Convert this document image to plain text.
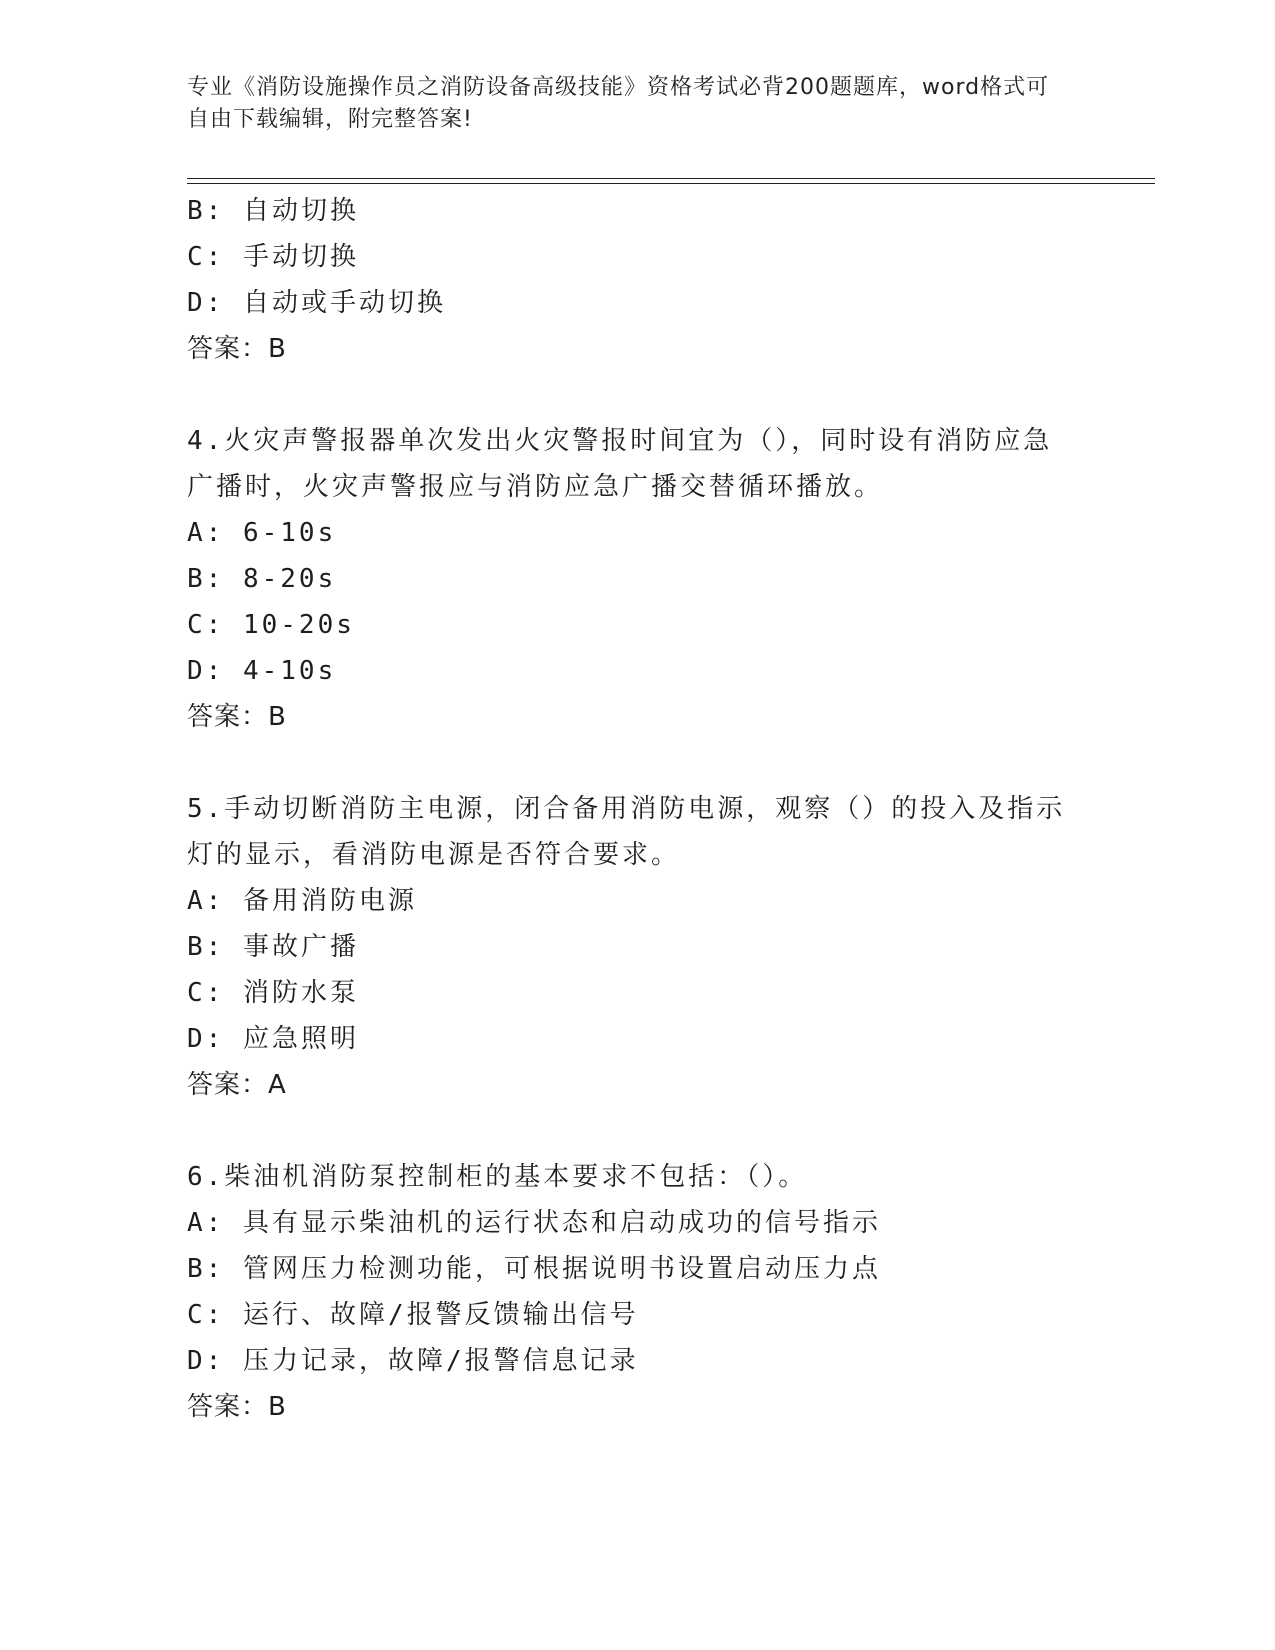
专业《消防设施操作员之消防设备高级技能》资格考试必背200题题库，word格式可自由下载编辑，附完整答案!
B: 自动切换
C: 手动切换
D: 自动或手动切换
答案：B
4.火灾声警报器单次发出火灾警报时间宜为（），同时设有消防应急广播时，火灾声警报应与消防应急广播交替循环播放。
A: 6-10s
B: 8-20s
C: 10-20s
D: 4-10s
答案：B
5.手动切断消防主电源，闭合备用消防电源，观察（）的投入及指示灯的显示，看消防电源是否符合要求。
A: 备用消防电源
B: 事故广播
C: 消防水泵
D: 应急照明
答案：A
6.柴油机消防泵控制柜的基本要求不包括：（）。
A: 具有显示柴油机的运行状态和启动成功的信号指示
B: 管网压力检测功能，可根据说明书设置启动压力点
C: 运行、故障/报警反馈输出信号
D: 压力记录，故障/报警信息记录
答案：B
